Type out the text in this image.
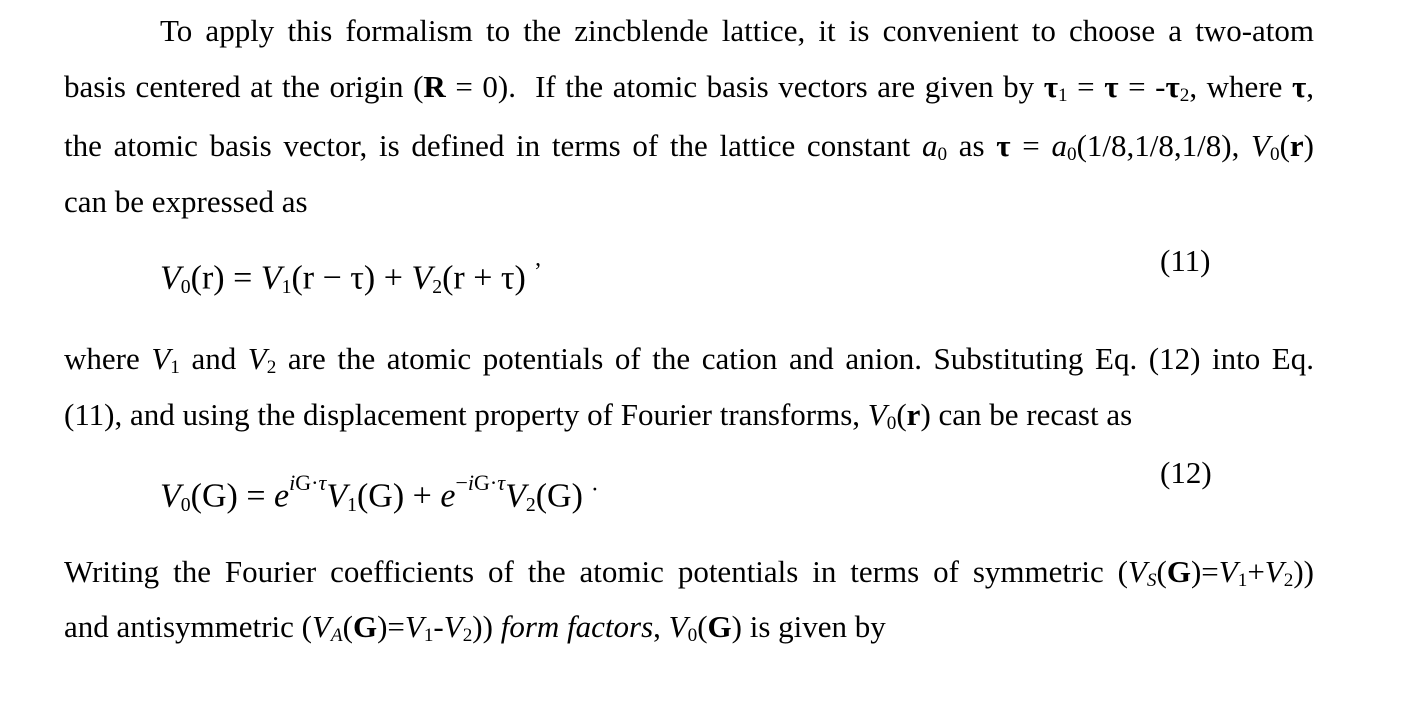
To apply this formalism to the zincblende lattice, it is convenient to choose a two-atom
basis centered at the origin (R = 0).  If the atomic basis vectors are given by $\tau_1 = \tau = -\tau_2$, where τ,
the atomic basis vector, is defined in terms of the lattice constant $a_0$ as $\tau = a_0(1/8,1/8,1/8)$, $V_0(r)$
can be expressed as
$V_0(r) = V_1(r - \tau) + V_2(r + \tau)$ ’	(11)
where $V_1$ and $V_2$ are the atomic potentials of the cation and anion. Substituting Eq. (12) into Eq.
(11), and using the displacement property of Fourier transforms, $V_0(r)$ can be recast as
$V_0(G) = e^{iG\cdot\tau}V_1(G) + e^{-iG\cdot\tau}V_2(G)$ ·	(12)
Writing the Fourier coefficients of the atomic potentials in terms of symmetric $(V_S(G)=V_1+V_2)$)
and antisymmetric $(V_A(G)=V_1-V_2)$) form factors, $V_0(G)$ is given by
